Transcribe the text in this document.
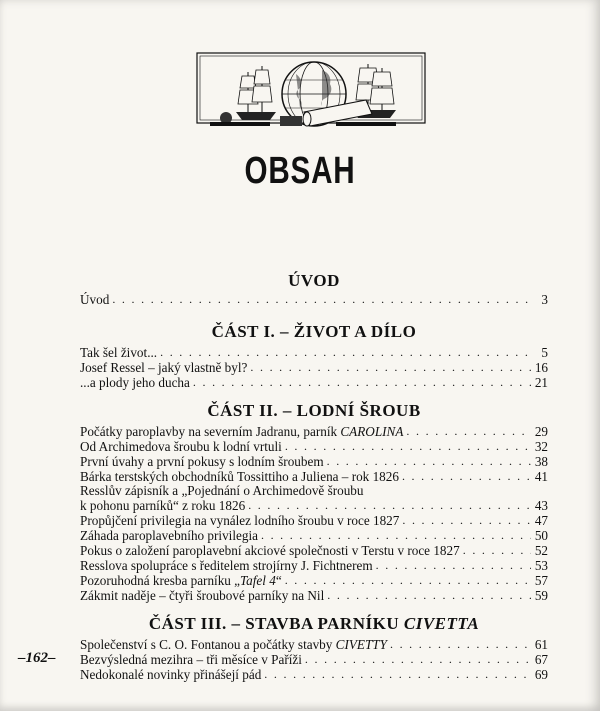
OBSAH
ÚVOD
Úvod . . .	3
ČÁST I. – ŽIVOT A DÍLO
Tak šel život... . . .	5
Josef Ressel – jaký vlastně byl? . . .	16
...a plody jeho ducha . . .	21
ČÁST II. – LODNÍ ŠROUB
Počátky paroplavby na severním Jadranu, parník CAROLINA . . .	29
Od Archimedova šroubu k lodní vrtuli . . .	32
První úvahy a první pokusy s lodním šroubem . . .	38
Bárka terstských obchodníků Tossittiho a Juliena – rok 1826 . . .	41
Resslův zápisník a „Pojednání o Archimedově šroubu
k pohonu parníků“ z roku 1826 . . .	43
Propůjčení privilegia na vynález lodního šroubu v roce 1827 . . .	47
Záhada paroplavebního privilegia . . .	50
Pokus o založení paroplavební akciové společnosti v Terstu v roce 1827 . . .	52
Resslova spolupráce s ředitelem strojírny J. Fichtnerem . . .	53
Pozoruhodná kresba parníku „Tafel 4“ . . .	57
Zákmit naděje – čtyři šroubové parníky na Nil . . .	59
ČÁST III. – STAVBA PARNÍKU CIVETTA
Společenství s C. O. Fontanou a počátky stavby CIVETTY . . .	61
Bezvýsledná mezihra – tři měsíce v Paříži . . .	67
Nedokonalé novinky přinášejí pád . . .	69
–162–
